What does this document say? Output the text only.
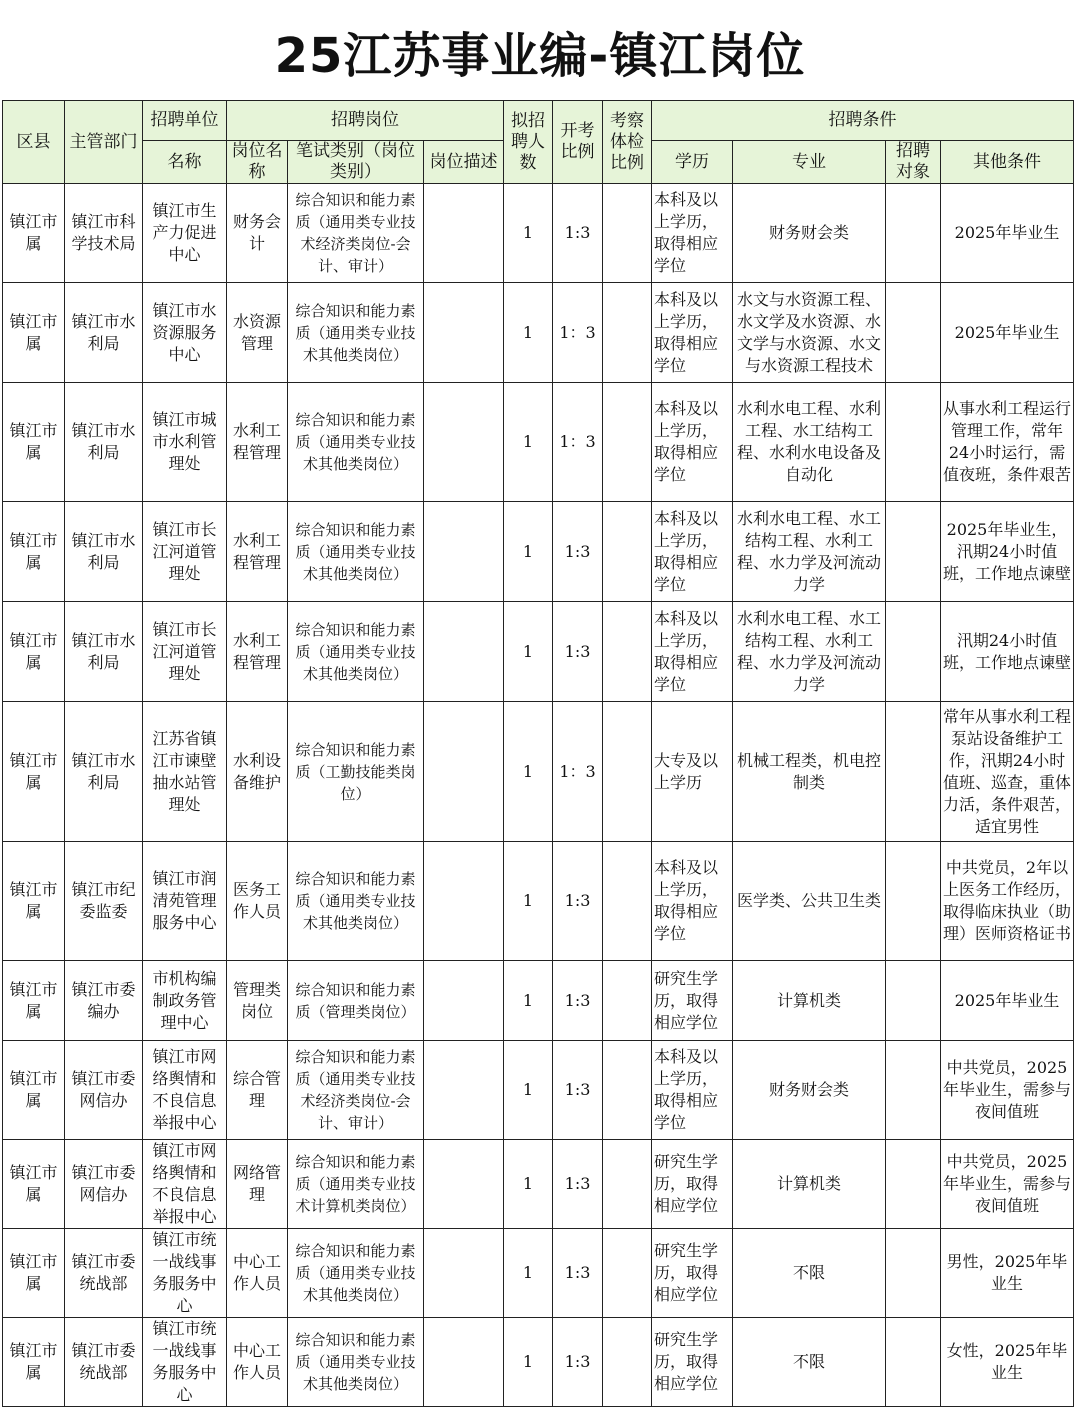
25江苏事业编-镇江岗位
区县	主管部门	招聘单位	招聘岗位			拟招聘人数	开考比例	考察体检比例	招聘条件			
		名称	岗位名称	笔试类别（岗位类别）	岗位描述				学历	专业	招聘对象	其他条件
镇江市属	镇江市科学技术局	镇江市生产力促进中心	财务会计	综合知识和能力素质（通用类专业技术经济类岗位-会计、审计）		1	1:3		本科及以上学历，取得相应学位	财务财会类		2025年毕业生
镇江市属	镇江市水利局	镇江市水资源服务中心	水资源管理	综合知识和能力素质（通用类专业技术其他类岗位）		1	1：3		本科及以上学历，取得相应学位	水文与水资源工程、水文学及水资源、水文学与水资源、水文与水资源工程技术		2025年毕业生
镇江市属	镇江市水利局	镇江市城市水利管理处	水利工程管理	综合知识和能力素质（通用类专业技术其他类岗位）		1	1：3		本科及以上学历，取得相应学位	水利水电工程、水利工程、水工结构工程、水利水电设备及自动化		从事水利工程运行管理工作，常年24小时运行，需值夜班，条件艰苦
镇江市属	镇江市水利局	镇江市长江河道管理处	水利工程管理	综合知识和能力素质（通用类专业技术其他类岗位）		1	1:3		本科及以上学历，取得相应学位	水利水电工程、水工结构工程、水利工程、水力学及河流动力学		2025年毕业生，汛期24小时值班，工作地点谏壁
镇江市属	镇江市水利局	镇江市长江河道管理处	水利工程管理	综合知识和能力素质（通用类专业技术其他类岗位）		1	1:3		本科及以上学历，取得相应学位	水利水电工程、水工结构工程、水利工程、水力学及河流动力学		汛期24小时值班，工作地点谏壁
镇江市属	镇江市水利局	江苏省镇江市谏壁抽水站管理处	水利设备维护	综合知识和能力素质（工勤技能类岗位）		1	1：3		大专及以上学历	机械工程类，机电控制类		常年从事水利工程泵站设备维护工作，汛期24小时值班、巡查，重体力活，条件艰苦，适宜男性
镇江市属	镇江市纪委监委	镇江市润清苑管理服务中心	医务工作人员	综合知识和能力素质（通用类专业技术其他类岗位）		1	1:3		本科及以上学历，取得相应学位	医学类、公共卫生类		中共党员，2年以上医务工作经历，取得临床执业（助理）医师资格证书
镇江市属	镇江市委编办	市机构编制政务管理中心	管理类岗位	综合知识和能力素质（管理类岗位）		1	1:3		研究生学历，取得相应学位	计算机类		2025年毕业生
镇江市属	镇江市委网信办	镇江市网络舆情和不良信息举报中心	综合管理	综合知识和能力素质（通用类专业技术经济类岗位-会计、审计）		1	1:3		本科及以上学历，取得相应学位	财务财会类		中共党员，2025年毕业生，需参与夜间值班
镇江市属	镇江市委网信办	镇江市网络舆情和不良信息举报中心	网络管理	综合知识和能力素质（通用类专业技术计算机类岗位）		1	1:3		研究生学历，取得相应学位	计算机类		中共党员，2025年毕业生，需参与夜间值班
镇江市属	镇江市委统战部	镇江市统一战线事务服务中心	中心工作人员	综合知识和能力素质（通用类专业技术其他类岗位）		1	1:3		研究生学历，取得相应学位	不限		男性，2025年毕业生
镇江市属	镇江市委统战部	镇江市统一战线事务服务中心	中心工作人员	综合知识和能力素质（通用类专业技术其他类岗位）		1	1:3		研究生学历，取得相应学位	不限		女性，2025年毕业生
